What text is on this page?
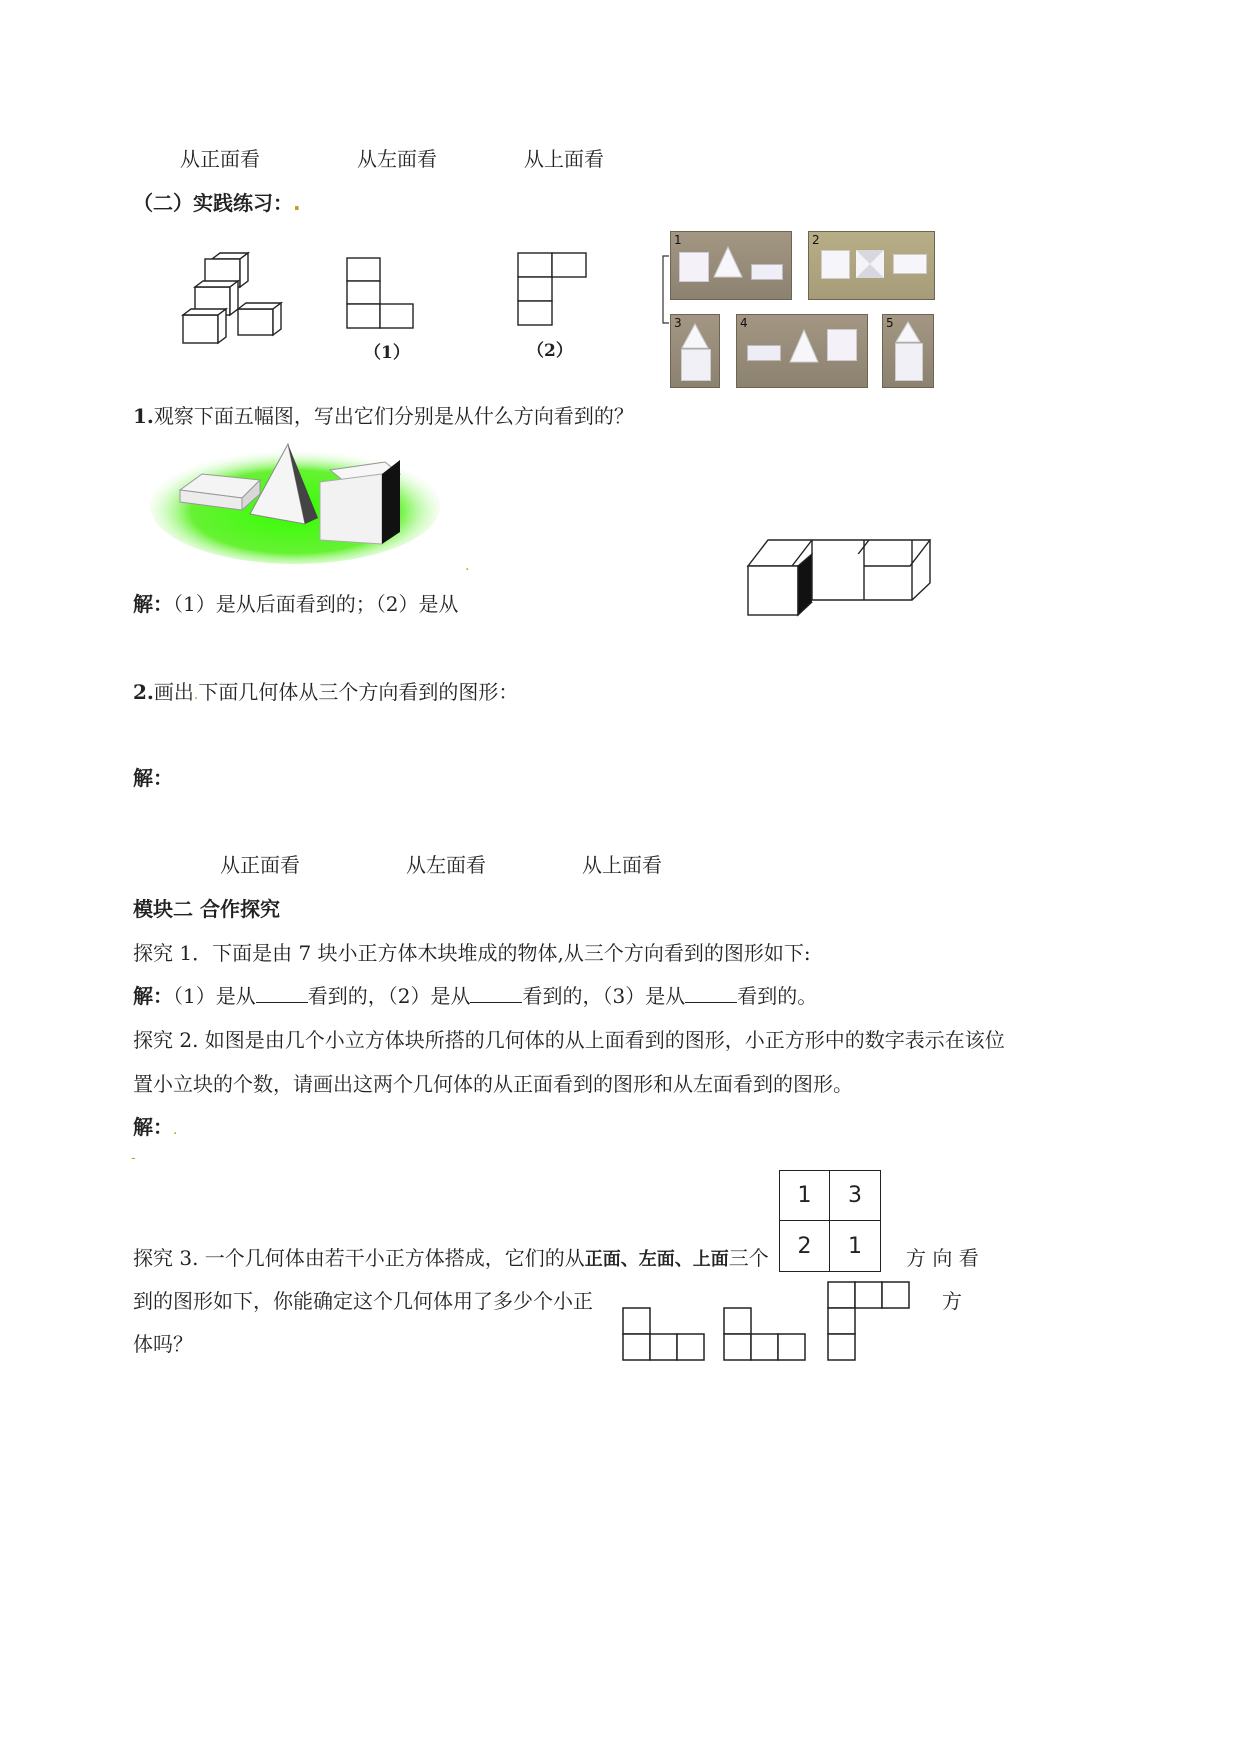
从正面看	从左面看	从上面看
（二）实践练习：.
（1）	（2）
1	2
3	4	5
1.观察下面五幅图，写出它们分别是从什么方向看到的？
.
解：（1）是从后面看到的；（2）是从
2.画出.下面几何体从三个方向看到的图形：
解：
从正面看	从左面看	从上面看
模块二 合作探究
探究 1．下面是由 7 块小正方体木块堆成的物体,从三个方向看到的图形如下:
解：（1）是从	看到的，（2）是从	看到的，（3）是从	看到的。
探究 2. 如图是由几个小立方体块所搭的几何体的从上面看到的图形，小正方形中的数字表示在该位
置小立块的个数，请画出这两个几何体的从正面看到的图形和从左面看到的图形。
解：.
-
1 3
2 1
探究 3. 一个几何体由若干小正方体搭成，它们的从正面、左面、上面三个	方 向 看
到的图形如下，你能确定这个几何体用了多少个小正	方
体吗？
